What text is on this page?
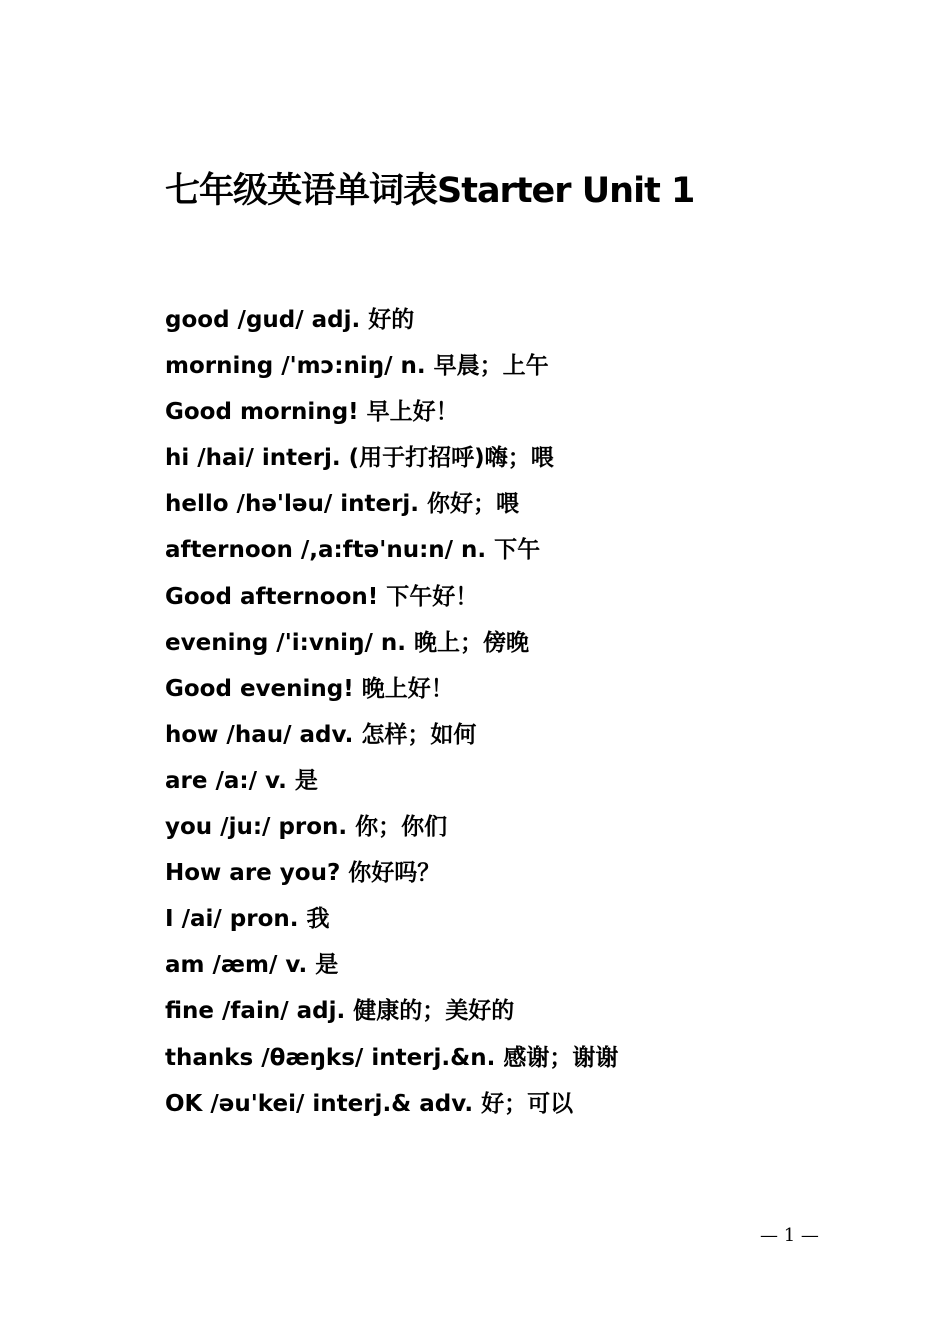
七年级英语单词表Starter Unit 1
good /gud/ adj. 好的
morning /'mɔ:niŋ/ n. 早晨；上午
Good morning! 早上好！
hi /hai/ interj. (用于打招呼)嗨；喂
hello /hə'ləu/ interj. 你好；喂
afternoon /,a:ftə'nu:n/ n. 下午
Good afternoon! 下午好！
evening /'i:vniŋ/ n. 晚上；傍晚
Good evening! 晚上好！
how /hau/ adv. 怎样；如何
are /a:/ v. 是
you /ju:/ pron. 你；你们
How are you? 你好吗？
I /ai/ pron. 我
am /æm/ v. 是
fine /fain/ adj. 健康的；美好的
thanks /θæŋks/ interj.&n. 感谢；谢谢
OK /əu'kei/ interj.& adv. 好；可以
— 1 —
